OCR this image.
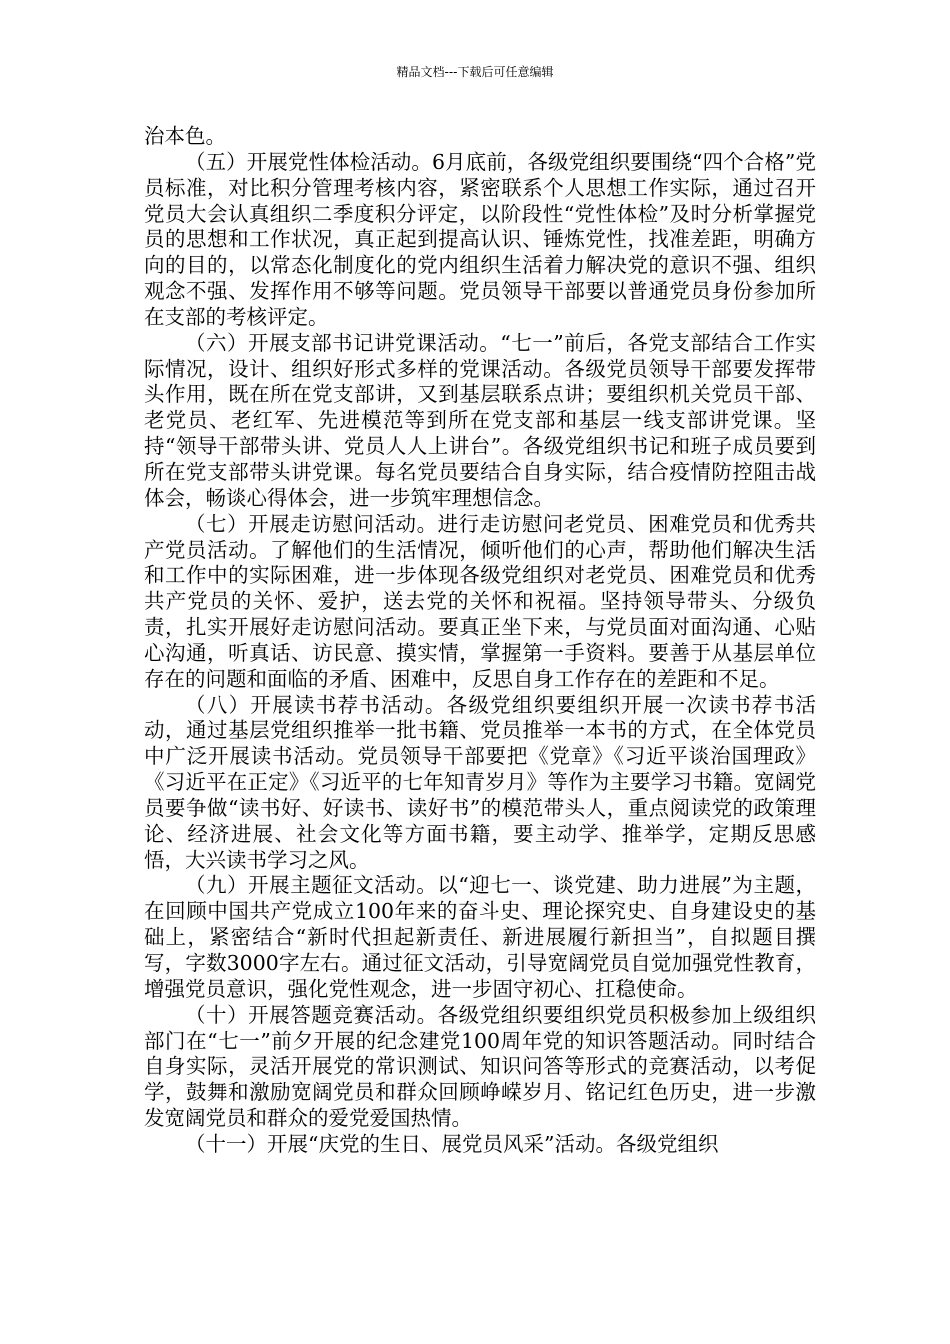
精品文档---下载后可任意编辑

治本色。

（五）开展党性体检活动。6月底前，各级党组织要围绕“四个合格”党员标准，对比积分管理考核内容，紧密联系个人思想工作实际，通过召开党员大会认真组织二季度积分评定，以阶段性“党性体检”及时分析掌握党员的思想和工作状况，真正起到提高认识、锤炼党性，找准差距，明确方向的目的，以常态化制度化的党内组织生活着力解决党的意识不强、组织观念不强、发挥作用不够等问题。党员领导干部要以普通党员身份参加所在支部的考核评定。

（六）开展支部书记讲党课活动。“七一”前后，各党支部结合工作实际情况，设计、组织好形式多样的党课活动。各级党员领导干部要发挥带头作用，既在所在党支部讲，又到基层联系点讲；要组织机关党员干部、老党员、老红军、先进模范等到所在党支部和基层一线支部讲党课。坚持“领导干部带头讲、党员人人上讲台”。各级党组织书记和班子成员要到所在党支部带头讲党课。每名党员要结合自身实际，结合疫情防控阻击战体会，畅谈心得体会，进一步筑牢理想信念。

（七）开展走访慰问活动。进行走访慰问老党员、困难党员和优秀共产党员活动。了解他们的生活情况，倾听他们的心声，帮助他们解决生活和工作中的实际困难，进一步体现各级党组织对老党员、困难党员和优秀共产党员的关怀、爱护，送去党的关怀和祝福。坚持领导带头、分级负责，扎实开展好走访慰问活动。要真正坐下来，与党员面对面沟通、心贴心沟通，听真话、访民意、摸实情，掌握第一手资料。要善于从基层单位存在的问题和面临的矛盾、困难中，反思自身工作存在的差距和不足。

（八）开展读书荐书活动。各级党组织要组织开展一次读书荐书活动，通过基层党组织推举一批书籍、党员推举一本书的方式，在全体党员中广泛开展读书活动。党员领导干部要把《党章》《习近平谈治国理政》《习近平在正定》《习近平的七年知青岁月》等作为主要学习书籍。宽阔党员要争做“读书好、好读书、读好书”的模范带头人，重点阅读党的政策理论、经济进展、社会文化等方面书籍，要主动学、推举学，定期反思感悟，大兴读书学习之风。

（九）开展主题征文活动。以“迎七一、谈党建、助力进展”为主题，在回顾中国共产党成立100年来的奋斗史、理论探究史、自身建设史的基础上，紧密结合“新时代担起新责任、新进展履行新担当”，自拟题目撰写，字数3000字左右。通过征文活动，引导宽阔党员自觉加强党性教育，增强党员意识，强化党性观念，进一步固守初心、扛稳使命。

（十）开展答题竞赛活动。各级党组织要组织党员积极参加上级组织部门在“七一”前夕开展的纪念建党100周年党的知识答题活动。同时结合自身实际，灵活开展党的常识测试、知识问答等形式的竞赛活动，以考促学，鼓舞和激励宽阔党员和群众回顾峥嵘岁月、铭记红色历史，进一步激发宽阔党员和群众的爱党爱国热情。

（十一）开展“庆党的生日、展党员风采”活动。各级党组织
